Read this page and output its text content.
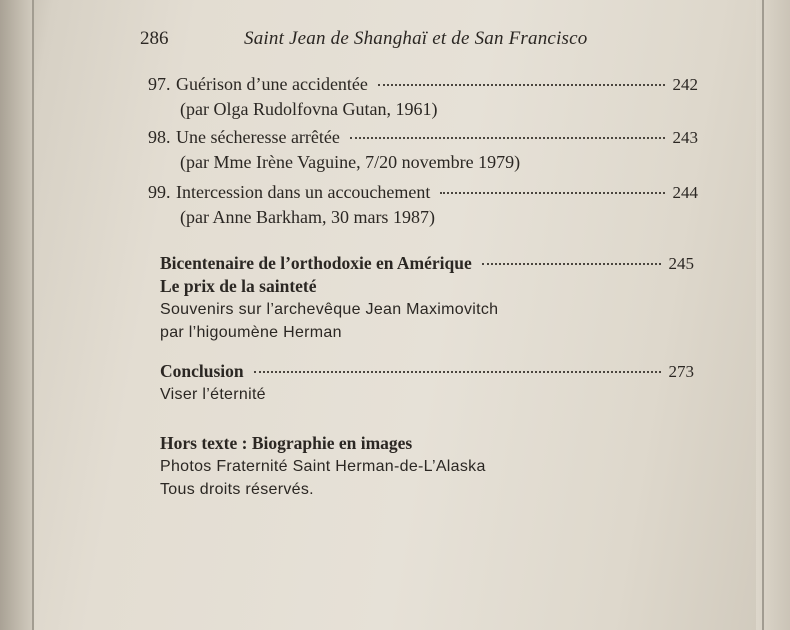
286	Saint Jean de Shanghaï et de San Francisco
97. Guérison d’une accidentée	242
(par Olga Rudolfovna Gutan, 1961)
98. Une sécheresse arrêtée	243
(par Mme Irène Vaguine, 7/20 novembre 1979)
99. Intercession dans un accouchement	244
(par Anne Barkham, 30 mars 1987)
Bicentenaire de l’orthodoxie en Amérique	245
Le prix de la sainteté
Souvenirs sur l’archevêque Jean Maximovitch
par l’higoumène Herman
Conclusion	273
Viser l’éternité
Hors texte : Biographie en images
Photos Fraternité Saint Herman-de-L’Alaska
Tous droits réservés.
